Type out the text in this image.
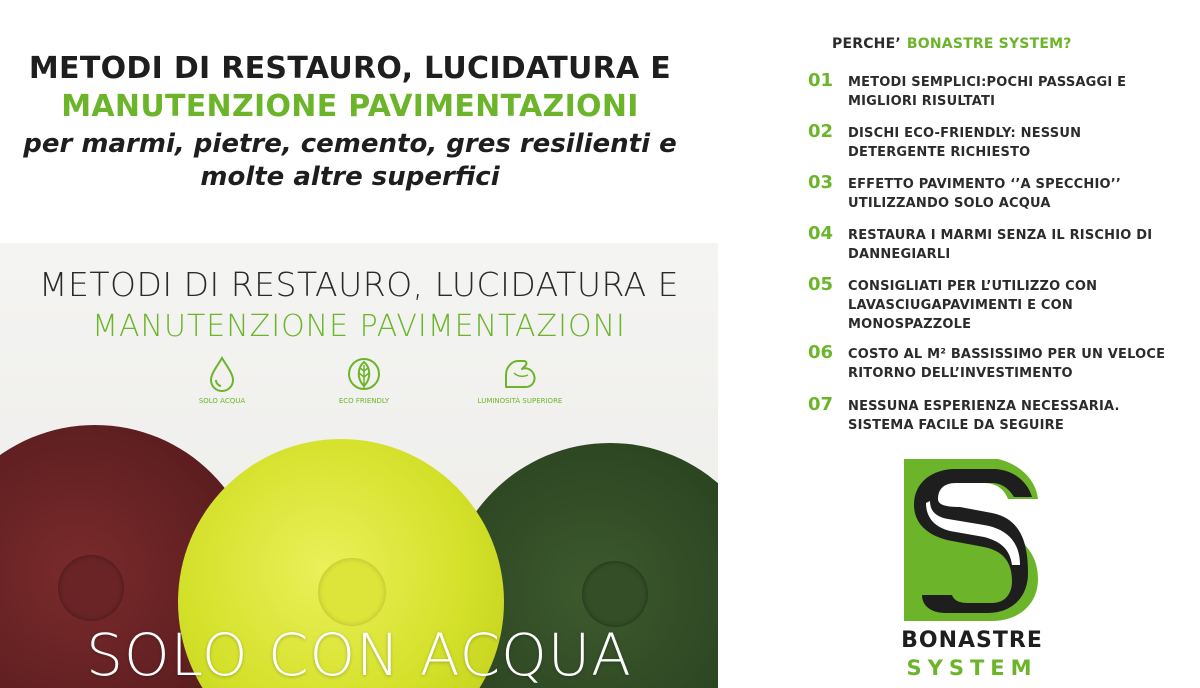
METODI DI RESTAURO, LUCIDATURA E
MANUTENZIONE PAVIMENTAZIONI
per marmi, pietre, cemento, gres resilienti e
molte altre superfici
METODI DI RESTAURO, LUCIDATURA E
MANUTENZIONE PAVIMENTAZIONI
SOLO ACQUA	ECO FRIENDLY	LUMINOSITÀ SUPERIORE
SOLO CON ACQUA
PERCHE’ BONASTRE SYSTEM?
01	METODI SEMPLICI:POCHI PASSAGGI E
MIGLIORI RISULTATI
02	DISCHI ECO-FRIENDLY: NESSUN
DETERGENTE RICHIESTO
03	EFFETTO PAVIMENTO ‘’A SPECCHIO’’
UTILIZZANDO SOLO ACQUA
04	RESTAURA I MARMI SENZA IL RISCHIO DI
DANNEGIARLI
05	CONSIGLIATI PER L’UTILIZZO CON
LAVASCIUGAPAVIMENTI E CON
MONOSPAZZOLE
06	COSTO AL M² BASSISSIMO PER UN VELOCE
RITORNO DELL’INVESTIMENTO
07	NESSUNA ESPERIENZA NECESSARIA.
SISTEMA FACILE DA SEGUIRE
BONASTRE
SYSTEM
